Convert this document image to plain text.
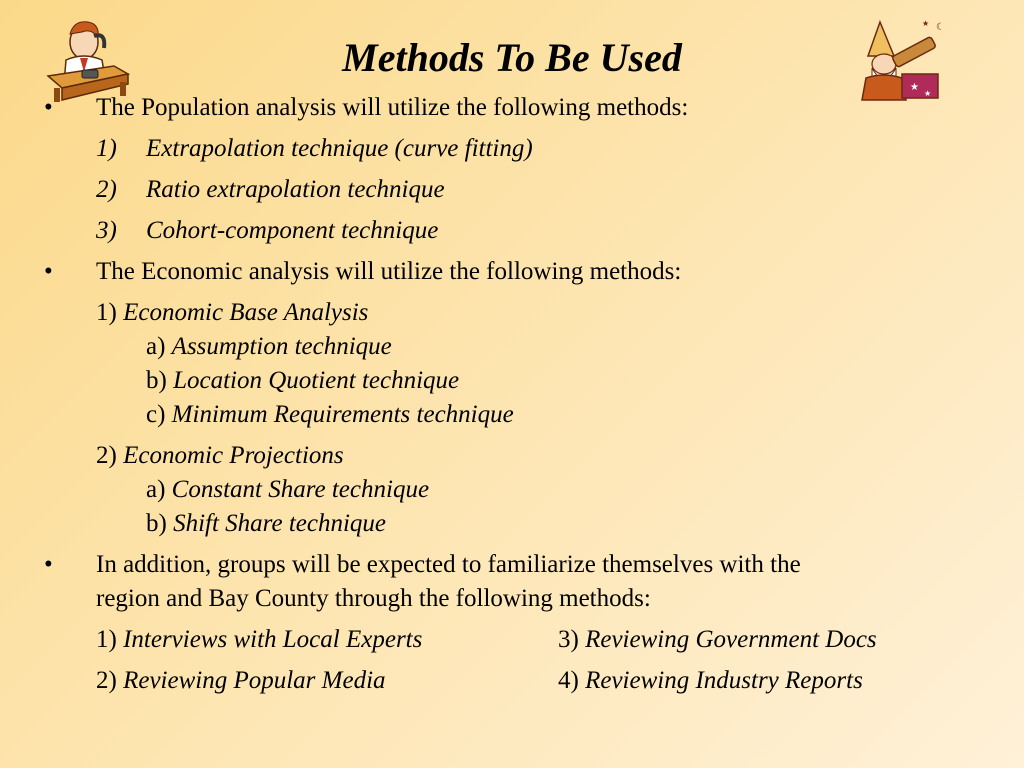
★
★
☾
★
Methods To Be Used
• The Population analysis will utilize the following methods:
1) Extrapolation technique (curve fitting)
2) Ratio extrapolation technique
3) Cohort-component technique
• The Economic analysis will utilize the following methods:
1) Economic Base Analysis
a) Assumption technique
b) Location Quotient technique
c) Minimum Requirements technique
2) Economic Projections
a) Constant Share technique
b) Shift Share technique
• In addition, groups will be expected to familiarize themselves with the
region and Bay County through the following methods:
1) Interviews with Local Experts	3) Reviewing Government Docs
2) Reviewing Popular Media	4) Reviewing Industry Reports
